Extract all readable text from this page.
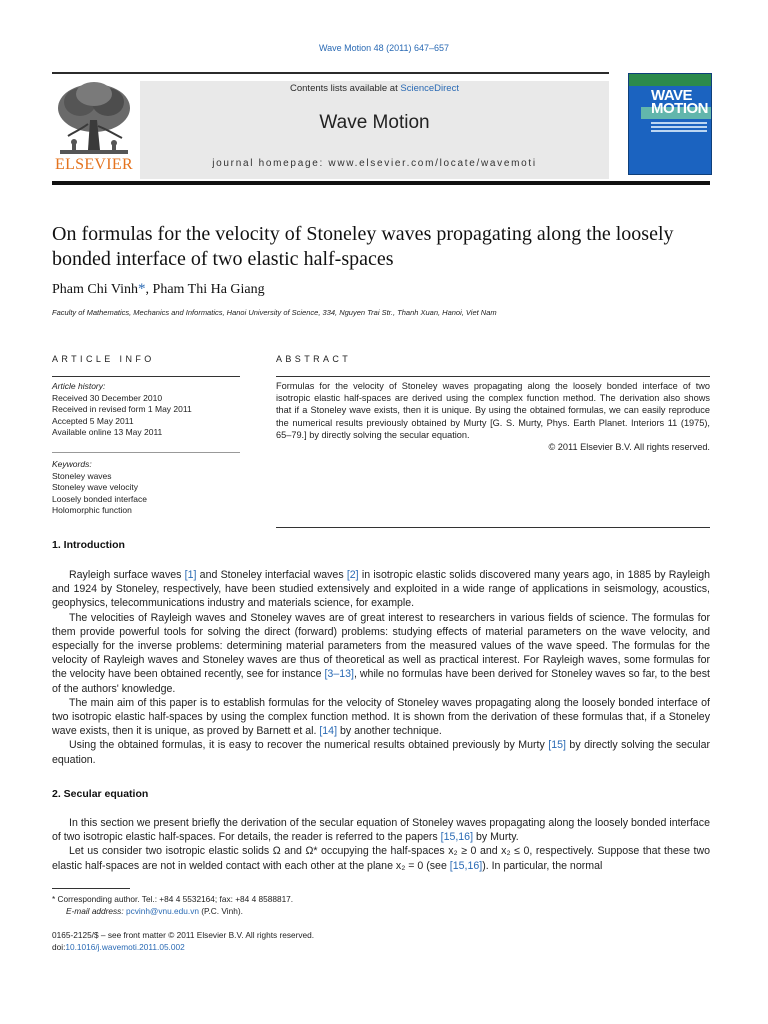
Wave Motion 48 (2011) 647–657
ELSEVIER
Contents lists available at ScienceDirect
Wave Motion
journal homepage: www.elsevier.com/locate/wavemoti
WAVE
MOTION
On formulas for the velocity of Stoneley waves propagating along the loosely bonded interface of two elastic half-spaces
Pham Chi Vinh*, Pham Thi Ha Giang
Faculty of Mathematics, Mechanics and Informatics, Hanoi University of Science, 334, Nguyen Trai Str., Thanh Xuan, Hanoi, Viet Nam
ARTICLE INFO
Article history:
Received 30 December 2010
Received in revised form 1 May 2011
Accepted 5 May 2011
Available online 13 May 2011
Keywords:
Stoneley waves
Stoneley wave velocity
Loosely bonded interface
Holomorphic function
ABSTRACT
Formulas for the velocity of Stoneley waves propagating along the loosely bonded interface of two isotropic elastic half-spaces are derived using the complex function method. The derivation also shows that if a Stoneley wave exists, then it is unique. By using the obtained formulas, we can easily reproduce the numerical results previously obtained by Murty [G. S. Murty, Phys. Earth Planet. Interiors 11 (1975), 65–79.] by directly solving the secular equation.
© 2011 Elsevier B.V. All rights reserved.
1. Introduction

Rayleigh surface waves [1] and Stoneley interfacial waves [2] in isotropic elastic solids discovered many years ago, in 1885 by Rayleigh and 1924 by Stoneley, respectively, have been studied extensively and exploited in a wide range of applications in seismology, acoustics, geophysics, telecommunications industry and materials science, for example.

The velocities of Rayleigh waves and Stoneley waves are of great interest to researchers in various fields of science. The formulas for them provide powerful tools for solving the direct (forward) problems: studying effects of material parameters on the wave velocity, and especially for the inverse problems: determining material parameters from the measured values of the wave speed. The formulas for the velocity of Rayleigh waves and Stoneley waves are thus of theoretical as well as practical interest. For Rayleigh waves, some formulas for the velocity have been obtained recently, see for instance [3–13], while no formulas have been derived for Stoneley waves so far, to the best of the authors' knowledge.

The main aim of this paper is to establish formulas for the velocity of Stoneley waves propagating along the loosely bonded interface of two isotropic elastic half-spaces by using the complex function method. It is shown from the derivation of these formulas that, if a Stoneley wave exists, then it is unique, as proved by Barnett et al. [14] by another technique.

Using the obtained formulas, it is easy to recover the numerical results obtained previously by Murty [15] by directly solving the secular equation.

2. Secular equation

In this section we present briefly the derivation of the secular equation of Stoneley waves propagating along the loosely bonded interface of two isotropic elastic half-spaces. For details, the reader is referred to the papers [15,16] by Murty.

Let us consider two isotropic elastic solids Ω and Ω* occupying the half-spaces x₂ ≥ 0 and x₂ ≤ 0, respectively. Suppose that these two elastic half-spaces are not in welded contact with each other at the plane x₂ = 0 (see [15,16]). In particular, the normal

* Corresponding author. Tel.: +84 4 5532164; fax: +84 4 8588817.
E-mail address: pcvinh@vnu.edu.vn (P.C. Vinh).
0165-2125/$ – see front matter © 2011 Elsevier B.V. All rights reserved.
doi:10.1016/j.wavemoti.2011.05.002
